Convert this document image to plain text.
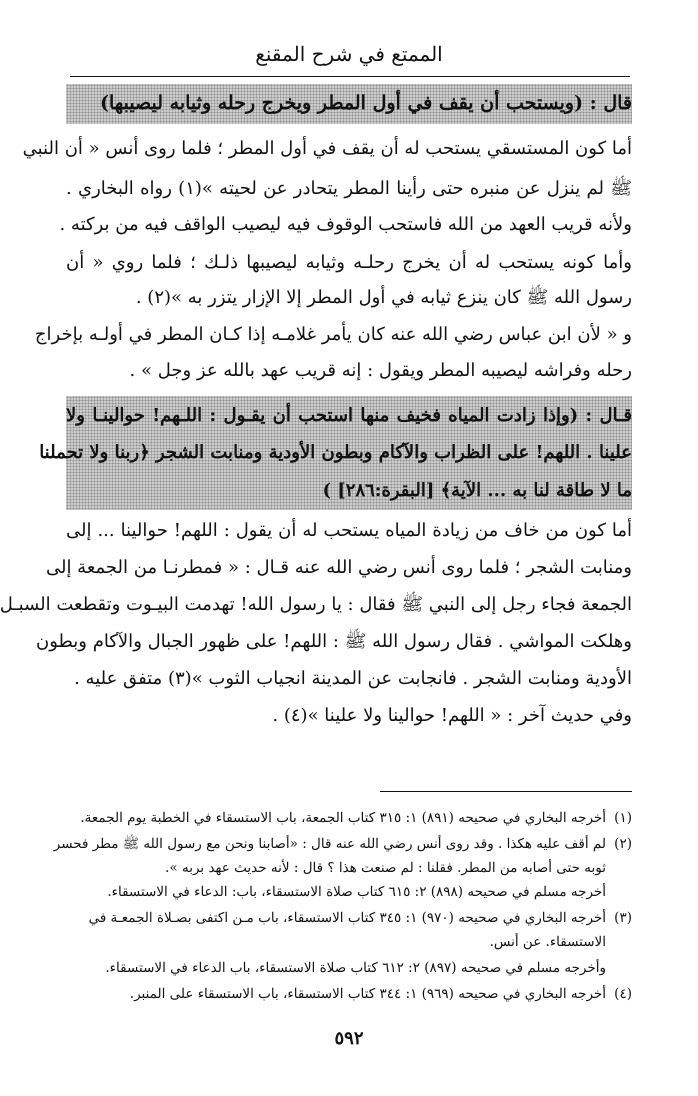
الممتع في شرح المقنع
قال : (ويستحب أن يقف في أول المطر ويخرج رحله وثيابه ليصيبها)
أما كون المستسقي يستحب له أن يقف في أول المطر ؛ فلما روى أنس « أن النبي
ﷺ لم ينزل عن منبره حتى رأينا المطر يتحادر عن لحيته »(١) رواه البخاري .
ولأنه قريب العهد من الله فاستحب الوقوف فيه ليصيب الواقف فيه من بركته .
وأما كونه يستحب له أن يخرج رحلـه وثيابه ليصيبها ذلـك ؛ فلما روي « أن
رسول الله ﷺ كان ينزع ثيابه في أول المطر إلا الإزار يتزر به »(٢) .
و « لأن ابن عباس رضي الله عنه كان يأمر غلامـه إذا كـان المطر في أولـه بإخراج
رحله وفراشه ليصيبه المطر ويقول : إنه قريب عهد بالله عز وجل » .
قـال : (وإذا زادت المياه فخيف منها استحب أن يقـول : اللـهم! حوالينـا ولا
علينا . اللهم! على الظراب والآكام وبطون الأودية ومنابت الشجر ﴿ربنا ولا تحملنا
ما لا طاقة لنا به ... الآية﴾ [البقرة:٢٨٦] )
أما كون من خاف من زيادة المياه يستحب له أن يقول : اللهم! حوالينا ... إلى
ومنابت الشجر ؛ فلما روى أنس رضي الله عنه قـال : « فمطرنـا من الجمعة إلى
الجمعة فجاء رجل إلى النبي ﷺ فقال : يا رسول الله! تهدمت البيـوت وتقطعت السبـل
وهلكت المواشي . فقال رسول الله ﷺ : اللهم! على ظهور الجبال والآكام وبطون
الأودية ومنابت الشجر . فانجابت عن المدينة انجياب الثوب »(٣) متفق عليه .
وفي حديث آخر : « اللهم! حوالينا ولا علينا »(٤) .
(١)أخرجه البخاري في صحيحه (٨٩١) ١: ٣١٥ كتاب الجمعة، باب الاستسقاء في الخطبة يوم الجمعة.
(٢)لم أقف عليه هكذا . وقد روى أنس رضي الله عنه قال : «أصابنا ونحن مع رسول الله ﷺ مطر فحسر
ثوبه حتى أصابه من المطر. فقلنا : لم صنعت هذا ؟ قال : لأنه حديث عهد بربه ».
أخرجه مسلم في صحيحه (٨٩٨) ٢: ٦١٥ كتاب صلاة الاستسقاء، باب: الدعاء في الاستسقاء.
(٣)أخرجه البخاري في صحيحه (٩٧٠) ١: ٣٤٥ كتاب الاستسقاء، باب مـن اكتفى بصـلاة الجمعـة في
الاستسقاء. عن أنس.
وأخرجه مسلم في صحيحه (٨٩٧) ٢: ٦١٢ كتاب صلاة الاستسقاء، باب الدعاء في الاستسقاء.
(٤)أخرجه البخاري في صحيحه (٩٦٩) ١: ٣٤٤ كتاب الاستسقاء، باب الاستسقاء على المنبر.
٥٩٢
